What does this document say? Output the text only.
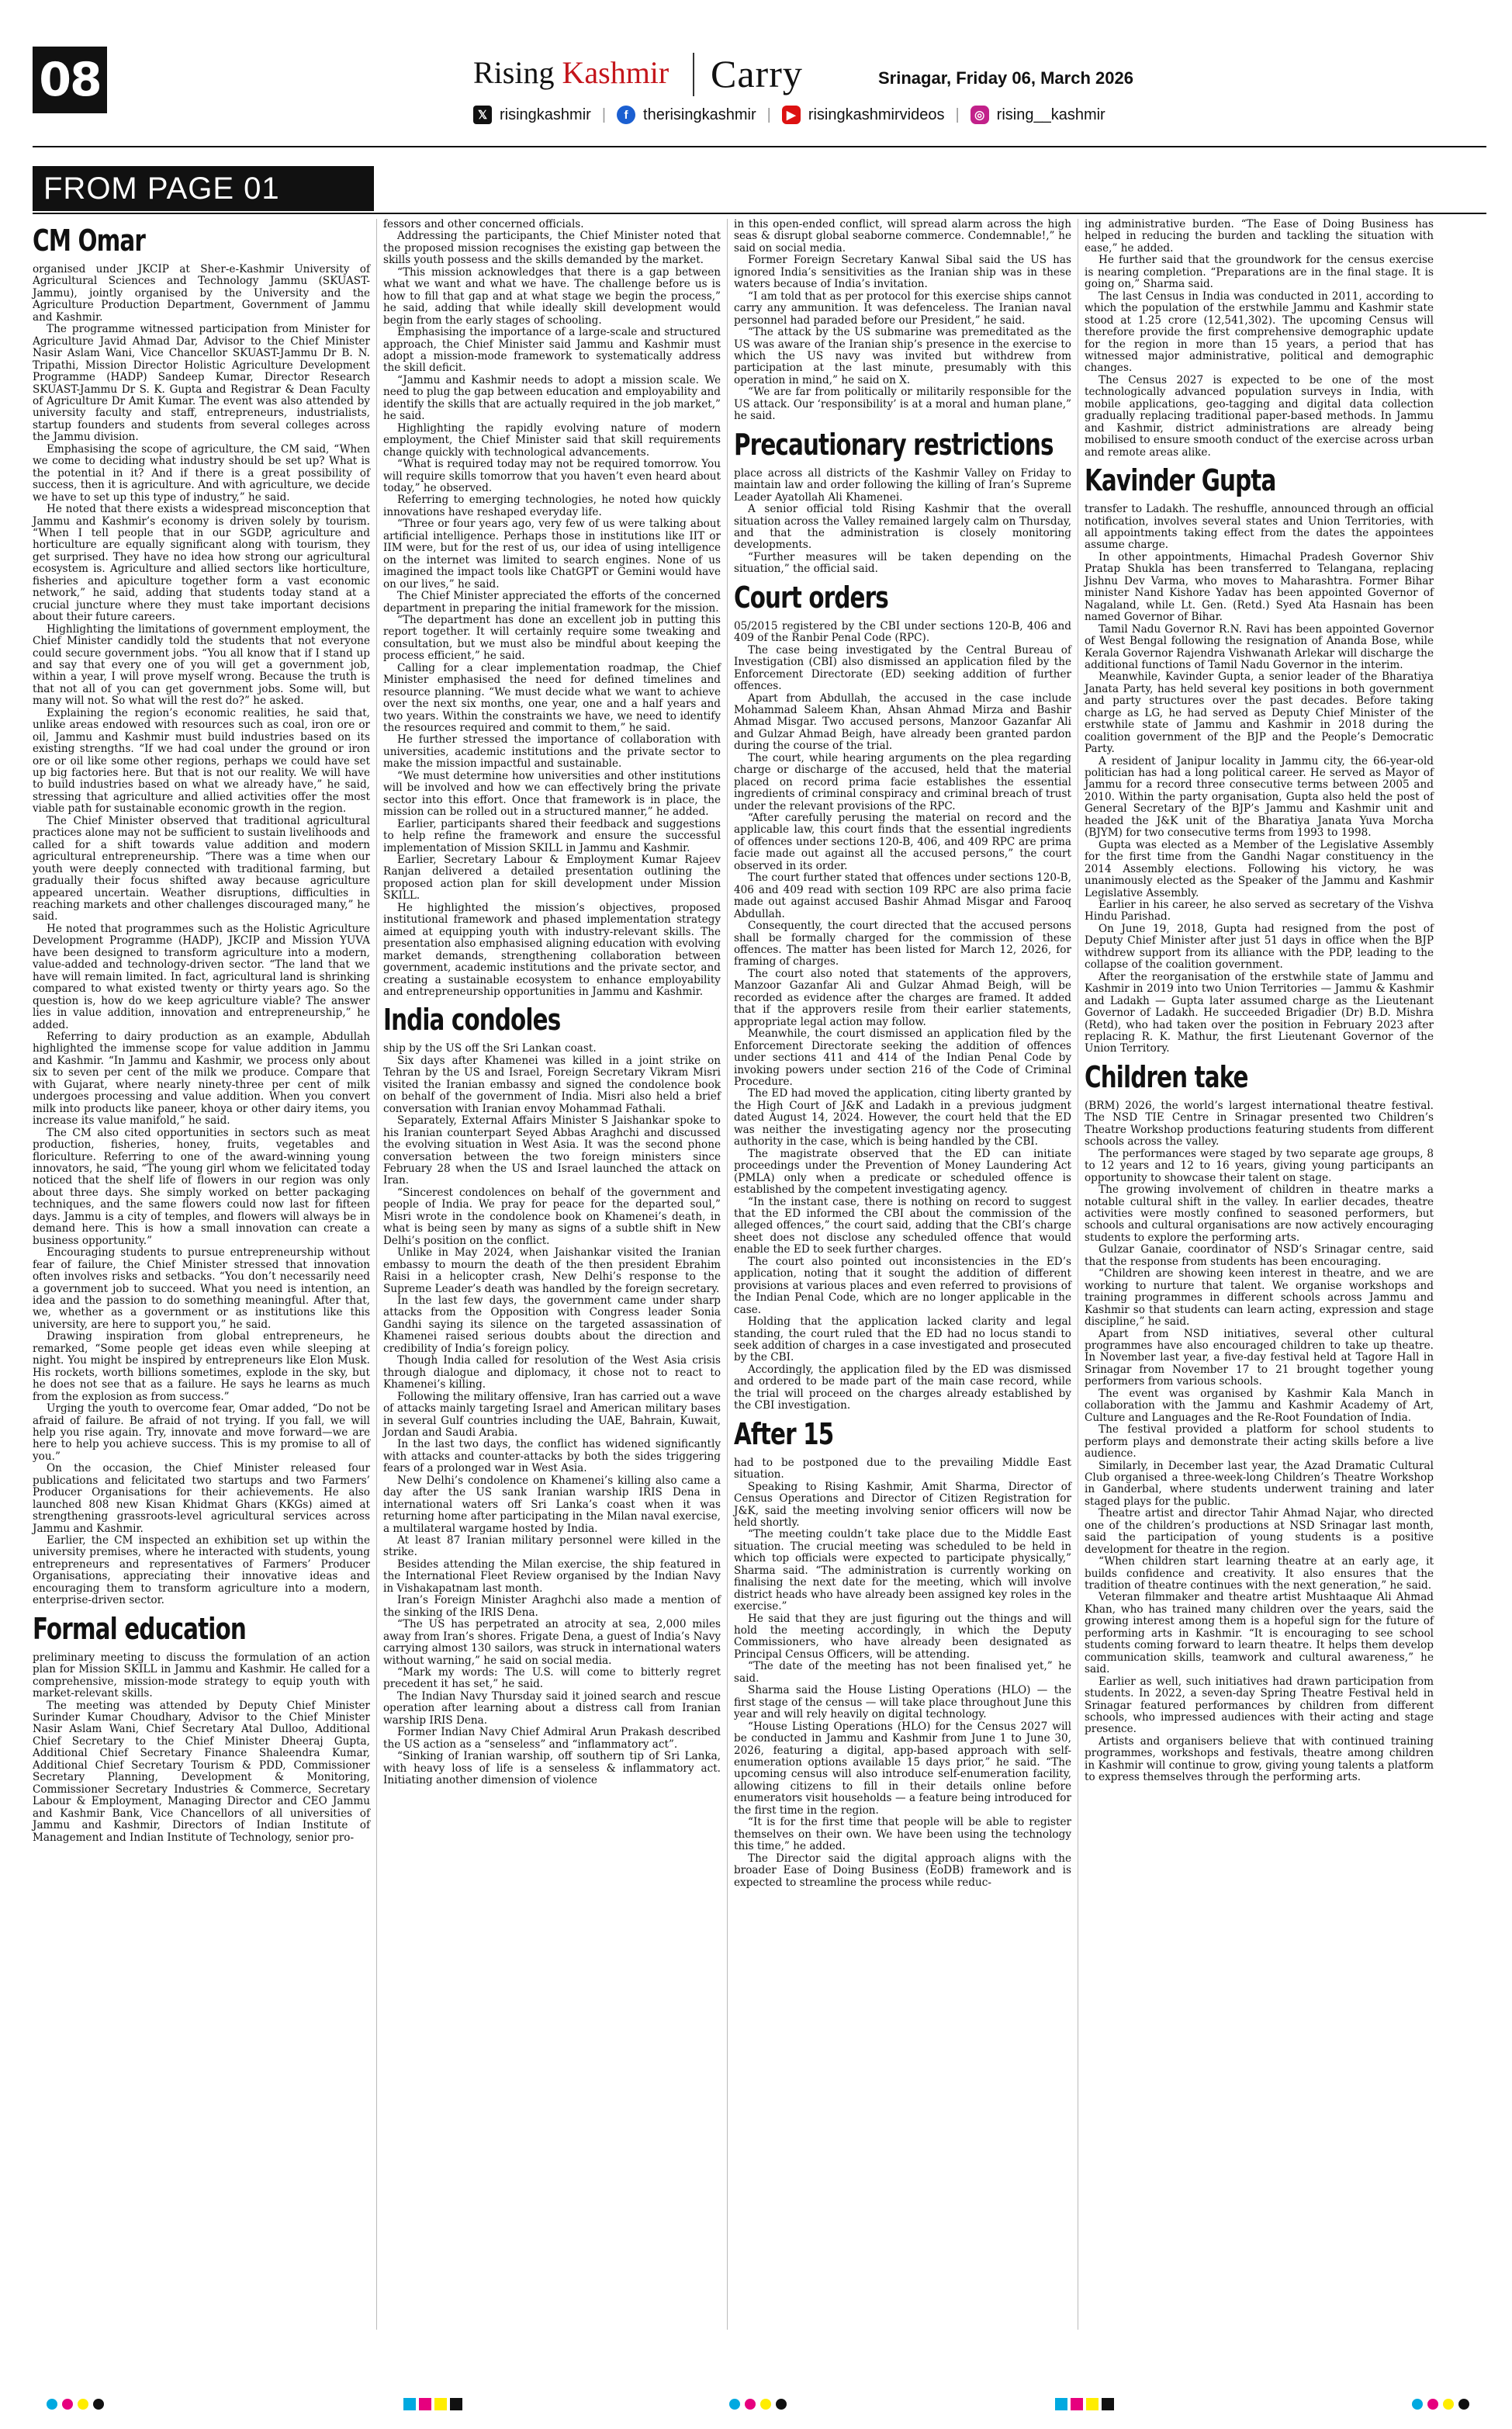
08	Rising Kashmir Carry	Srinagar, Friday 06, March 2026
𝕏 risingkashmir |	f therisingkashmir |	▶ risingkashmirvideos |	◎ rising__kashmir
FROM PAGE 01
CM Omar

organised under JKCIP at Sher-e-Kashmir University of Agricultural Sciences and Technology Jammu (SKUAST-Jammu), jointly organised by the University and the Agriculture Production Department, Government of Jammu and Kashmir.

The programme witnessed participation from Minister for Agriculture Javid Ahmad Dar, Advisor to the Chief Minister Nasir Aslam Wani, Vice Chancellor SKUAST-Jammu Dr B. N. Tripathi, Mission Director Holistic Agriculture Development Programme (HADP) Sandeep Kumar, Director Research SKUAST-Jammu Dr S. K. Gupta and Registrar & Dean Faculty of Agriculture Dr Amit Kumar. The event was also attended by university faculty and staff, entrepreneurs, industrialists, startup founders and students from several colleges across the Jammu division.

Emphasising the scope of agriculture, the CM said, “When we come to deciding what industry should be set up? What is the potential in it? And if there is a great possibility of success, then it is agriculture. And with agriculture, we decide we have to set up this type of industry,” he said.

He noted that there exists a widespread misconception that Jammu and Kashmir’s economy is driven solely by tourism. “When I tell people that in our SGDP, agriculture and horticulture are equally significant along with tourism, they get surprised. They have no idea how strong our agricultural ecosystem is. Agriculture and allied sectors like horticulture, fisheries and apiculture together form a vast economic network,” he said, adding that students today stand at a crucial juncture where they must take important decisions about their future careers.

Highlighting the limitations of government employment, the Chief Minister candidly told the students that not everyone could secure government jobs. “You all know that if I stand up and say that every one of you will get a government job, within a year, I will prove myself wrong. Because the truth is that not all of you can get government jobs. Some will, but many will not. So what will the rest do?” he asked.

Explaining the region’s economic realities, he said that, unlike areas endowed with resources such as coal, iron ore or oil, Jammu and Kashmir must build industries based on its existing strengths. “If we had coal under the ground or iron ore or oil like some other regions, perhaps we could have set up big factories here. But that is not our reality. We will have to build industries based on what we already have,” he said, stressing that agriculture and allied activities offer the most viable path for sustainable economic growth in the region.

The Chief Minister observed that traditional agricultural practices alone may not be sufficient to sustain livelihoods and called for a shift towards value addition and modern agricultural entrepreneurship. “There was a time when our youth were deeply connected with traditional farming, but gradually their focus shifted away because agriculture appeared uncertain. Weather disruptions, difficulties in reaching markets and other challenges discouraged many,” he said.

He noted that programmes such as the Holistic Agriculture Development Programme (HADP), JKCIP and Mission YUVA have been designed to transform agriculture into a modern, value-added and technology-driven sector. “The land that we have will remain limited. In fact, agricultural land is shrinking compared to what existed twenty or thirty years ago. So the question is, how do we keep agriculture viable? The answer lies in value addition, innovation and entrepreneurship,” he added.

Referring to dairy production as an example, Abdullah highlighted the immense scope for value addition in Jammu and Kashmir. “In Jammu and Kashmir, we process only about six to seven per cent of the milk we produce. Compare that with Gujarat, where nearly ninety-three per cent of milk undergoes processing and value addition. When you convert milk into products like paneer, khoya or other dairy items, you increase its value manifold,” he said.

The CM also cited opportunities in sectors such as meat production, fisheries, honey, fruits, vegetables and floriculture. Referring to one of the award-winning young innovators, he said, “The young girl whom we felicitated today noticed that the shelf life of flowers in our region was only about three days. She simply worked on better packaging techniques, and the same flowers could now last for fifteen days. Jammu is a city of temples, and flowers will always be in demand here. This is how a small innovation can create a business opportunity.”

Encouraging students to pursue entrepreneurship without fear of failure, the Chief Minister stressed that innovation often involves risks and setbacks. “You don’t necessarily need a government job to succeed. What you need is intention, an idea and the passion to do something meaningful. After that, we, whether as a government or as institutions like this university, are here to support you,” he said.

Drawing inspiration from global entrepreneurs, he remarked, “Some people get ideas even while sleeping at night. You might be inspired by entrepreneurs like Elon Musk. His rockets, worth billions sometimes, explode in the sky, but he does not see that as a failure. He says he learns as much from the explosion as from success.”

Urging the youth to overcome fear, Omar added, “Do not be afraid of failure. Be afraid of not trying. If you fall, we will help you rise again. Try, innovate and move forward—we are here to help you achieve success. This is my promise to all of you.”

On the occasion, the Chief Minister released four publications and felicitated two startups and two Farmers’ Producer Organisations for their achievements. He also launched 808 new Kisan Khidmat Ghars (KKGs) aimed at strengthening grassroots-level agricultural services across Jammu and Kashmir.

Earlier, the CM inspected an exhibition set up within the university premises, where he interacted with students, young entrepreneurs and representatives of Farmers’ Producer Organisations, appreciating their innovative ideas and encouraging them to transform agriculture into a modern, enterprise-driven sector.

Formal education

preliminary meeting to discuss the formulation of an action plan for Mission SKILL in Jammu and Kashmir. He called for a comprehensive, mission-mode strategy to equip youth with market-relevant skills.

The meeting was attended by Deputy Chief Minister Surinder Kumar Choudhary, Advisor to the Chief Minister Nasir Aslam Wani, Chief Secretary Atal Dulloo, Additional Chief Secretary to the Chief Minister Dheeraj Gupta, Additional Chief Secretary Finance Shaleendra Kumar, Additional Chief Secretary Tourism & PDD, Commissioner Secretary Planning, Development & Monitoring, Commissioner Secretary Industries & Commerce, Secretary Labour & Employment, Managing Director and CEO Jammu and Kashmir Bank, Vice Chancellors of all universities of Jammu and Kashmir, Directors of Indian Institute of Management and Indian Institute of Technology, senior pro-

fessors and other concerned officials.

Addressing the participants, the Chief Minister noted that the proposed mission recognises the existing gap between the skills youth possess and the skills demanded by the market.

“This mission acknowledges that there is a gap between what we want and what we have. The challenge before us is how to fill that gap and at what stage we begin the process,” he said, adding that while ideally skill development would begin from the early stages of schooling.

Emphasising the importance of a large-scale and structured approach, the Chief Minister said Jammu and Kashmir must adopt a mission-mode framework to systematically address the skill deficit.

“Jammu and Kashmir needs to adopt a mission scale. We need to plug the gap between education and employability and identify the skills that are actually required in the job market,” he said.

Highlighting the rapidly evolving nature of modern employment, the Chief Minister said that skill requirements change quickly with technological advancements.

“What is required today may not be required tomorrow. You will require skills tomorrow that you haven’t even heard about today,” he observed.

Referring to emerging technologies, he noted how quickly innovations have reshaped everyday life.

“Three or four years ago, very few of us were talking about artificial intelligence. Perhaps those in institutions like IIT or IIM were, but for the rest of us, our idea of using intelligence on the internet was limited to search engines. None of us imagined the impact tools like ChatGPT or Gemini would have on our lives,” he said.

The Chief Minister appreciated the efforts of the concerned department in preparing the initial framework for the mission.

“The department has done an excellent job in putting this report together. It will certainly require some tweaking and consultation, but we must also be mindful about keeping the process efficient,” he said.

Calling for a clear implementation roadmap, the Chief Minister emphasised the need for defined timelines and resource planning. “We must decide what we want to achieve over the next six months, one year, one and a half years and two years. Within the constraints we have, we need to identify the resources required and commit to them,” he said.

He further stressed the importance of collaboration with universities, academic institutions and the private sector to make the mission impactful and sustainable.

“We must determine how universities and other institutions will be involved and how we can effectively bring the private sector into this effort. Once that framework is in place, the mission can be rolled out in a structured manner,” he added.

Earlier, participants shared their feedback and suggestions to help refine the framework and ensure the successful implementation of Mission SKILL in Jammu and Kashmir.

Earlier, Secretary Labour & Employment Kumar Rajeev Ranjan delivered a detailed presentation outlining the proposed action plan for skill development under Mission SKILL.

He highlighted the mission’s objectives, proposed institutional framework and phased implementation strategy aimed at equipping youth with industry-relevant skills. The presentation also emphasised aligning education with evolving market demands, strengthening collaboration between government, academic institutions and the private sector, and creating a sustainable ecosystem to enhance employability and entrepreneurship opportunities in Jammu and Kashmir.

India condoles

ship by the US off the Sri Lankan coast.

Six days after Khamenei was killed in a joint strike on Tehran by the US and Israel, Foreign Secretary Vikram Misri visited the Iranian embassy and signed the condolence book on behalf of the government of India. Misri also held a brief conversation with Iranian envoy Mohammad Fathali.

Separately, External Affairs Minister S Jaishankar spoke to his Iranian counterpart Seyed Abbas Araghchi and discussed the evolving situation in West Asia. It was the second phone conversation between the two foreign ministers since February 28 when the US and Israel launched the attack on Iran.

“Sincerest condolences on behalf of the government and people of India. We pray for peace for the departed soul,” Misri wrote in the condolence book on Khamenei’s death, in what is being seen by many as signs of a subtle shift in New Delhi’s position on the conflict.

Unlike in May 2024, when Jaishankar visited the Iranian embassy to mourn the death of the then president Ebrahim Raisi in a helicopter crash, New Delhi’s response to the Supreme Leader’s death was handled by the foreign secretary.

In the last few days, the government came under sharp attacks from the Opposition with Congress leader Sonia Gandhi saying its silence on the targeted assassination of Khamenei raised serious doubts about the direction and credibility of India’s foreign policy.

Though India called for resolution of the West Asia crisis through dialogue and diplomacy, it chose not to react to Khamenei’s killing.

Following the military offensive, Iran has carried out a wave of attacks mainly targeting Israel and American military bases in several Gulf countries including the UAE, Bahrain, Kuwait, Jordan and Saudi Arabia.

In the last two days, the conflict has widened significantly with attacks and counter-attacks by both the sides triggering fears of a prolonged war in West Asia.

New Delhi’s condolence on Khamenei’s killing also came a day after the US sank Iranian warship IRIS Dena in international waters off Sri Lanka’s coast when it was returning home after participating in the Milan naval exercise, a multilateral wargame hosted by India.

At least 87 Iranian military personnel were killed in the strike.

Besides attending the Milan exercise, the ship featured in the International Fleet Review organised by the Indian Navy in Vishakapatnam last month.

Iran’s Foreign Minister Araghchi also made a mention of the sinking of the IRIS Dena.

“The US has perpetrated an atrocity at sea, 2,000 miles away from Iran’s shores. Frigate Dena, a guest of India’s Navy carrying almost 130 sailors, was struck in international waters without warning,” he said on social media.

“Mark my words: The U.S. will come to bitterly regret precedent it has set,” he said.

The Indian Navy Thursday said it joined search and rescue operation after learning about a distress call from Iranian warship IRIS Dena.

Former Indian Navy Chief Admiral Arun Prakash described the US action as a “senseless” and “inflammatory act”.

“Sinking of Iranian warship, off southern tip of Sri Lanka, with heavy loss of life is a senseless & inflammatory act. Initiating another dimension of violence

in this open-ended conflict, will spread alarm across the high seas & disrupt global seaborne commerce. Condemnable!,” he said on social media.

Former Foreign Secretary Kanwal Sibal said the US has ignored India’s sensitivities as the Iranian ship was in these waters because of India’s invitation.

“I am told that as per protocol for this exercise ships cannot carry any ammunition. It was defenceless. The Iranian naval personnel had paraded before our President,” he said.

“The attack by the US submarine was premeditated as the US was aware of the Iranian ship’s presence in the exercise to which the US navy was invited but withdrew from participation at the last minute, presumably with this operation in mind,” he said on X.

“We are far from politically or militarily responsible for the US attack. Our ‘responsibility’ is at a moral and human plane,” he said.

Precautionary restrictions

place across all districts of the Kashmir Valley on Friday to maintain law and order following the killing of Iran’s Supreme Leader Ayatollah Ali Khamenei.

A senior official told Rising Kashmir that the overall situation across the Valley remained largely calm on Thursday, and that the administration is closely monitoring developments.

“Further measures will be taken depending on the situation,” the official said.

Court orders

05/2015 registered by the CBI under sections 120-B, 406 and 409 of the Ranbir Penal Code (RPC).

The case being investigated by the Central Bureau of Investigation (CBI) also dismissed an application filed by the Enforcement Directorate (ED) seeking addition of further offences.

Apart from Abdullah, the accused in the case include Mohammad Saleem Khan, Ahsan Ahmad Mirza and Bashir Ahmad Misgar. Two accused persons, Manzoor Gazanfar Ali and Gulzar Ahmad Beigh, have already been granted pardon during the course of the trial.

The court, while hearing arguments on the plea regarding charge or discharge of the accused, held that the material placed on record prima facie establishes the essential ingredients of criminal conspiracy and criminal breach of trust under the relevant provisions of the RPC.

“After carefully perusing the material on record and the applicable law, this court finds that the essential ingredients of offences under sections 120-B, 406, and 409 RPC are prima facie made out against all the accused persons,” the court observed in its order.

The court further stated that offences under sections 120-B, 406 and 409 read with section 109 RPC are also prima facie made out against accused Bashir Ahmad Misgar and Farooq Abdullah.

Consequently, the court directed that the accused persons shall be formally charged for the commission of these offences. The matter has been listed for March 12, 2026, for framing of charges.

The court also noted that statements of the approvers, Manzoor Gazanfar Ali and Gulzar Ahmad Beigh, will be recorded as evidence after the charges are framed. It added that if the approvers resile from their earlier statements, appropriate legal action may follow.

Meanwhile, the court dismissed an application filed by the Enforcement Directorate seeking the addition of offences under sections 411 and 414 of the Indian Penal Code by invoking powers under section 216 of the Code of Criminal Procedure.

The ED had moved the application, citing liberty granted by the High Court of J&K and Ladakh in a previous judgment dated August 14, 2024. However, the court held that the ED was neither the investigating agency nor the prosecuting authority in the case, which is being handled by the CBI.

The magistrate observed that the ED can initiate proceedings under the Prevention of Money Laundering Act (PMLA) only when a predicate or scheduled offence is established by the competent investigating agency.

“In the instant case, there is nothing on record to suggest that the ED informed the CBI about the commission of the alleged offences,” the court said, adding that the CBI’s charge sheet does not disclose any scheduled offence that would enable the ED to seek further charges.

The court also pointed out inconsistencies in the ED’s application, noting that it sought the addition of different provisions at various places and even referred to provisions of the Indian Penal Code, which are no longer applicable in the case.

Holding that the application lacked clarity and legal standing, the court ruled that the ED had no locus standi to seek addition of charges in a case investigated and prosecuted by the CBI.

Accordingly, the application filed by the ED was dismissed and ordered to be made part of the main case record, while the trial will proceed on the charges already established by the CBI investigation.

After 15

had to be postponed due to the prevailing Middle East situation.

Speaking to Rising Kashmir, Amit Sharma, Director of Census Operations and Director of Citizen Registration for J&K, said the meeting involving senior officers will now be held shortly.

“The meeting couldn’t take place due to the Middle East situation. The crucial meeting was scheduled to be held in which top officials were expected to participate physically,” Sharma said. “The administration is currently working on finalising the next date for the meeting, which will involve district heads who have already been assigned key roles in the exercise.”

He said that they are just figuring out the things and will hold the meeting accordingly, in which the Deputy Commissioners, who have already been designated as Principal Census Officers, will be attending.

“The date of the meeting has not been finalised yet,” he said.

Sharma said the House Listing Operations (HLO) — the first stage of the census — will take place throughout June this year and will rely heavily on digital technology.

“House Listing Operations (HLO) for the Census 2027 will be conducted in Jammu and Kashmir from June 1 to June 30, 2026, featuring a digital, app-based approach with self-enumeration options available 15 days prior,” he said. “The upcoming census will also introduce self-enumeration facility, allowing citizens to fill in their details online before enumerators visit households — a feature being introduced for the first time in the region.

“It is for the first time that people will be able to register themselves on their own. We have been using the technology this time,” he added.

The Director said the digital approach aligns with the broader Ease of Doing Business (EoDB) framework and is expected to streamline the process while reduc-

ing administrative burden. “The Ease of Doing Business has helped in reducing the burden and tackling the situation with ease,” he added.

He further said that the groundwork for the census exercise is nearing completion. “Preparations are in the final stage. It is going on,” Sharma said.

The last Census in India was conducted in 2011, according to which the population of the erstwhile Jammu and Kashmir state stood at 1.25 crore (12,541,302). The upcoming Census will therefore provide the first comprehensive demographic update for the region in more than 15 years, a period that has witnessed major administrative, political and demographic changes.

The Census 2027 is expected to be one of the most technologically advanced population surveys in India, with mobile applications, geo-tagging and digital data collection gradually replacing traditional paper-based methods. In Jammu and Kashmir, district administrations are already being mobilised to ensure smooth conduct of the exercise across urban and remote areas alike.

Kavinder Gupta

transfer to Ladakh. The reshuffle, announced through an official notification, involves several states and Union Territories, with all appointments taking effect from the dates the appointees assume charge.

In other appointments, Himachal Pradesh Governor Shiv Pratap Shukla has been transferred to Telangana, replacing Jishnu Dev Varma, who moves to Maharashtra. Former Bihar minister Nand Kishore Yadav has been appointed Governor of Nagaland, while Lt. Gen. (Retd.) Syed Ata Hasnain has been named Governor of Bihar.

Tamil Nadu Governor R.N. Ravi has been appointed Governor of West Bengal following the resignation of Ananda Bose, while Kerala Governor Rajendra Vishwanath Arlekar will discharge the additional functions of Tamil Nadu Governor in the interim.

Meanwhile, Kavinder Gupta, a senior leader of the Bharatiya Janata Party, has held several key positions in both government and party structures over the past decades. Before taking charge as LG, he had served as Deputy Chief Minister of the erstwhile state of Jammu and Kashmir in 2018 during the coalition government of the BJP and the People’s Democratic Party.

A resident of Janipur locality in Jammu city, the 66-year-old politician has had a long political career. He served as Mayor of Jammu for a record three consecutive terms between 2005 and 2010. Within the party organisation, Gupta also held the post of General Secretary of the BJP’s Jammu and Kashmir unit and headed the J&K unit of the Bharatiya Janata Yuva Morcha (BJYM) for two consecutive terms from 1993 to 1998.

Gupta was elected as a Member of the Legislative Assembly for the first time from the Gandhi Nagar constituency in the 2014 Assembly elections. Following his victory, he was unanimously elected as the Speaker of the Jammu and Kashmir Legislative Assembly.

Earlier in his career, he also served as secretary of the Vishva Hindu Parishad.

On June 19, 2018, Gupta had resigned from the post of Deputy Chief Minister after just 51 days in office when the BJP withdrew support from its alliance with the PDP, leading to the collapse of the coalition government.

After the reorganisation of the erstwhile state of Jammu and Kashmir in 2019 into two Union Territories — Jammu & Kashmir and Ladakh — Gupta later assumed charge as the Lieutenant Governor of Ladakh. He succeeded Brigadier (Dr) B.D. Mishra (Retd), who had taken over the position in February 2023 after replacing R. K. Mathur, the first Lieutenant Governor of the Union Territory.

Children take

(BRM) 2026, the world’s largest international theatre festival. The NSD TIE Centre in Srinagar presented two Children’s Theatre Workshop productions featuring students from different schools across the valley.

The performances were staged by two separate age groups, 8 to 12 years and 12 to 16 years, giving young participants an opportunity to showcase their talent on stage.

The growing involvement of children in theatre marks a notable cultural shift in the valley. In earlier decades, theatre activities were mostly confined to seasoned performers, but schools and cultural organisations are now actively encouraging students to explore the performing arts.

Gulzar Ganaie, coordinator of NSD’s Srinagar centre, said that the response from students has been encouraging.

“Children are showing keen interest in theatre, and we are working to nurture that talent. We organise workshops and training programmes in different schools across Jammu and Kashmir so that students can learn acting, expression and stage discipline,” he said.

Apart from NSD initiatives, several other cultural programmes have also encouraged children to take up theatre. In November last year, a five-day festival held at Tagore Hall in Srinagar from November 17 to 21 brought together young performers from various schools.

The event was organised by Kashmir Kala Manch in collaboration with the Jammu and Kashmir Academy of Art, Culture and Languages and the Re-Root Foundation of India.

The festival provided a platform for school students to perform plays and demonstrate their acting skills before a live audience.

Similarly, in December last year, the Azad Dramatic Cultural Club organised a three-week-long Children’s Theatre Workshop in Ganderbal, where students underwent training and later staged plays for the public.

Theatre artist and director Tahir Ahmad Najar, who directed one of the children’s productions at NSD Srinagar last month, said the participation of young students is a positive development for theatre in the region.

“When children start learning theatre at an early age, it builds confidence and creativity. It also ensures that the tradition of theatre continues with the next generation,” he said.

Veteran filmmaker and theatre artist Mushtaaque Ali Ahmad Khan, who has trained many children over the years, said the growing interest among them is a hopeful sign for the future of performing arts in Kashmir. “It is encouraging to see school students coming forward to learn theatre. It helps them develop communication skills, teamwork and cultural awareness,” he said.

Earlier as well, such initiatives had drawn participation from students. In 2022, a seven-day Spring Theatre Festival held in Srinagar featured performances by children from different schools, who impressed audiences with their acting and stage presence.

Artists and organisers believe that with continued training programmes, workshops and festivals, theatre among children in Kashmir will continue to grow, giving young talents a platform to express themselves through the performing arts.
